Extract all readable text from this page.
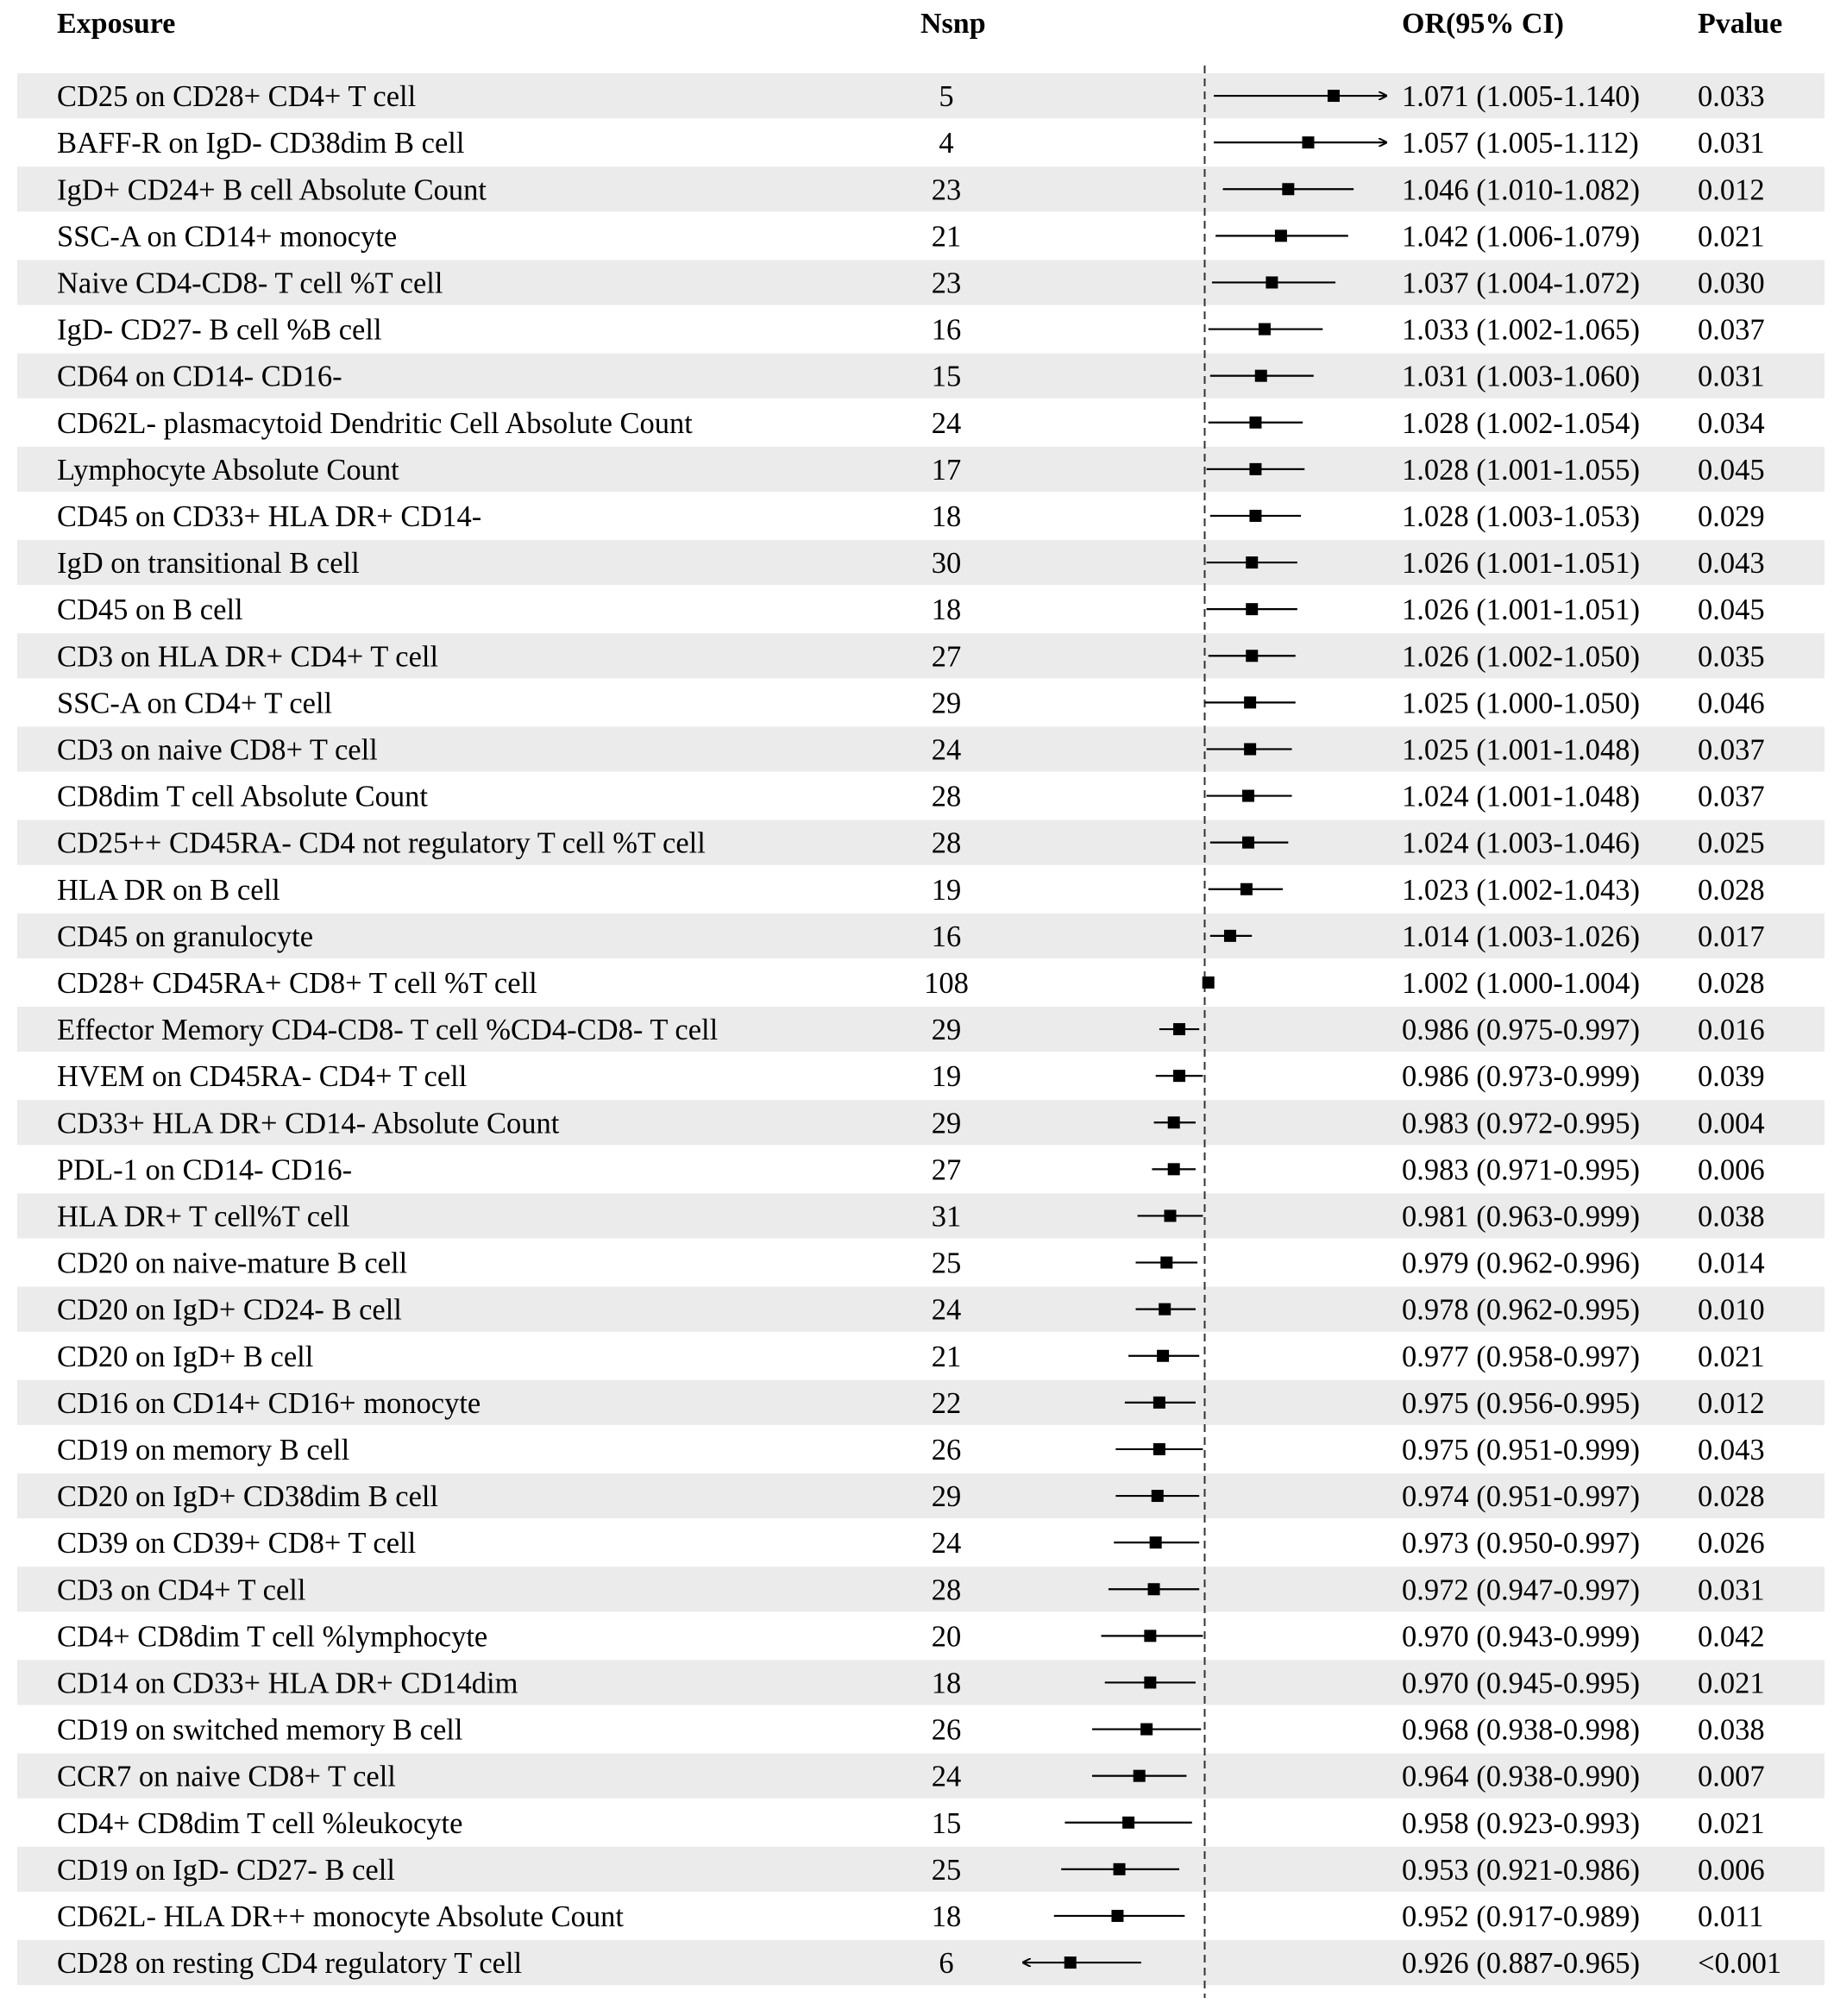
Exposure	Nsnp	OR(95% CI)	Pvalue
CD25 on CD28+ CD4+ T cell	5	1.071 (1.005-1.140) 0.033
BAFF-R on IgD- CD38dim B cell	4	1.057 (1.005-1.112) 0.031
IgD+ CD24+ B cell Absolute Count	23	1.046 (1.010-1.082) 0.012
SSC-A on CD14+ monocyte	21	1.042 (1.006-1.079) 0.021
Naive CD4-CD8- T cell %T cell	23	1.037 (1.004-1.072) 0.030
IgD- CD27- B cell %B cell	16	1.033 (1.002-1.065) 0.037
CD64 on CD14- CD16-	15	1.031 (1.003-1.060) 0.031
CD62L- plasmacytoid Dendritic Cell Absolute Count	24	1.028 (1.002-1.054) 0.034
Lymphocyte Absolute Count	17	1.028 (1.001-1.055) 0.045
CD45 on CD33+ HLA DR+ CD14-	18	1.028 (1.003-1.053) 0.029
IgD on transitional B cell	30	1.026 (1.001-1.051) 0.043
CD45 on B cell	18	1.026 (1.001-1.051) 0.045
CD3 on HLA DR+ CD4+ T cell	27	1.026 (1.002-1.050) 0.035
SSC-A on CD4+ T cell	29	1.025 (1.000-1.050) 0.046
CD3 on naive CD8+ T cell	24	1.025 (1.001-1.048) 0.037
CD8dim T cell Absolute Count	28	1.024 (1.001-1.048) 0.037
CD25++ CD45RA- CD4 not regulatory T cell %T cell	28	1.024 (1.003-1.046) 0.025
HLA DR on B cell	19	1.023 (1.002-1.043) 0.028
CD45 on granulocyte	16	1.014 (1.003-1.026) 0.017
CD28+ CD45RA+ CD8+ T cell %T cell	108	1.002 (1.000-1.004) 0.028
Effector Memory CD4-CD8- T cell %CD4-CD8- T cell	29	0.986 (0.975-0.997) 0.016
HVEM on CD45RA- CD4+ T cell	19	0.986 (0.973-0.999) 0.039
CD33+ HLA DR+ CD14- Absolute Count	29	0.983 (0.972-0.995) 0.004
PDL-1 on CD14- CD16-	27	0.983 (0.971-0.995) 0.006
HLA DR+ T cell%T cell	31	0.981 (0.963-0.999) 0.038
CD20 on naive-mature B cell	25	0.979 (0.962-0.996) 0.014
CD20 on IgD+ CD24- B cell	24	0.978 (0.962-0.995) 0.010
CD20 on IgD+ B cell	21	0.977 (0.958-0.997) 0.021
CD16 on CD14+ CD16+ monocyte	22	0.975 (0.956-0.995) 0.012
CD19 on memory B cell	26	0.975 (0.951-0.999) 0.043
CD20 on IgD+ CD38dim B cell	29	0.974 (0.951-0.997) 0.028
CD39 on CD39+ CD8+ T cell	24	0.973 (0.950-0.997) 0.026
CD3 on CD4+ T cell	28	0.972 (0.947-0.997) 0.031
CD4+ CD8dim T cell %lymphocyte	20	0.970 (0.943-0.999) 0.042
CD14 on CD33+ HLA DR+ CD14dim	18	0.970 (0.945-0.995) 0.021
CD19 on switched memory B cell	26	0.968 (0.938-0.998) 0.038
CCR7 on naive CD8+ T cell	24	0.964 (0.938-0.990) 0.007
CD4+ CD8dim T cell %leukocyte	15	0.958 (0.923-0.993) 0.021
CD19 on IgD- CD27- B cell	25	0.953 (0.921-0.986) 0.006
CD62L- HLA DR++ monocyte Absolute Count	18	0.952 (0.917-0.989) 0.011
CD28 on resting CD4 regulatory T cell	6	0.926 (0.887-0.965) <0.001
